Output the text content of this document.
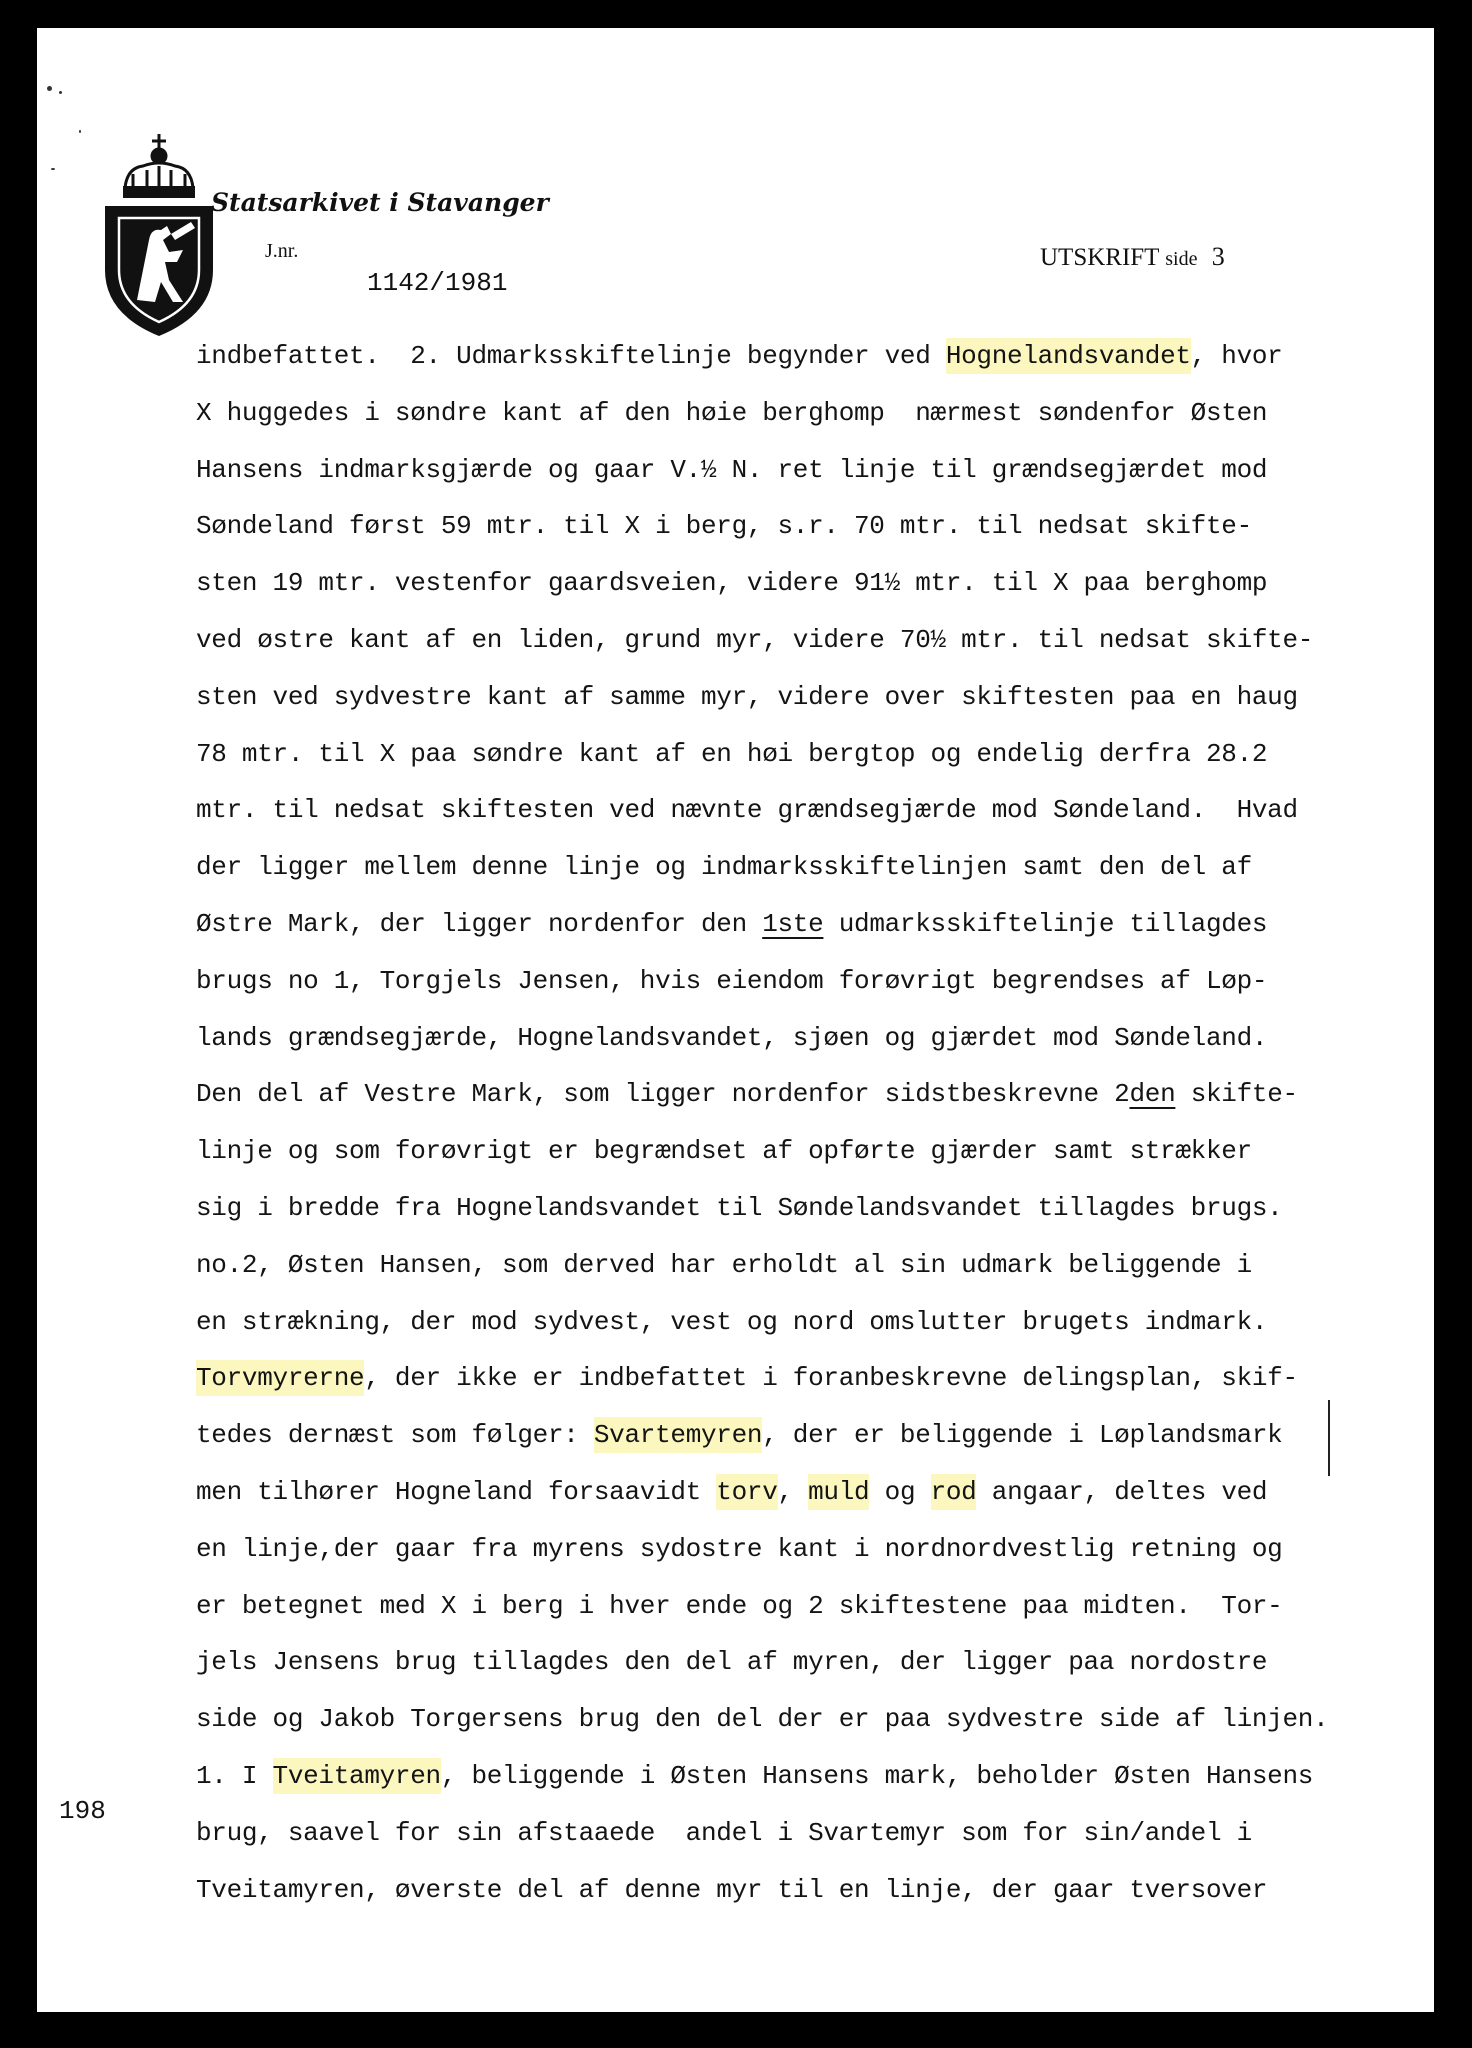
Statsarkivet i Stavanger
J.nr.
1142/1981
UTSKRIFT side 3
indbefattet.  2. Udmarksskiftelinje begynder ved Hognelandsvandet, hvor
X huggedes i søndre kant af den høie berghomp  nærmest søndenfor Østen
Hansens indmarksgjærde og gaar V.½ N. ret linje til grændsegjærdet mod
Søndeland først 59 mtr. til X i berg, s.r. 70 mtr. til nedsat skifte-
sten 19 mtr. vestenfor gaardsveien, videre 91½ mtr. til X paa berghomp
ved østre kant af en liden, grund myr, videre 70½ mtr. til nedsat skifte-
sten ved sydvestre kant af samme myr, videre over skiftesten paa en haug
78 mtr. til X paa søndre kant af en høi bergtop og endelig derfra 28.2
mtr. til nedsat skiftesten ved nævnte grændsegjærde mod Søndeland.  Hvad
der ligger mellem denne linje og indmarksskiftelinjen samt den del af
Østre Mark, der ligger nordenfor den 1ste udmarksskiftelinje tillagdes
brugs no 1, Torgjels Jensen, hvis eiendom forøvrigt begrendses af Løp-
lands grændsegjærde, Hognelandsvandet, sjøen og gjærdet mod Søndeland.
Den del af Vestre Mark, som ligger nordenfor sidstbeskrevne 2den skifte-
linje og som forøvrigt er begrændset af opførte gjærder samt strækker
sig i bredde fra Hognelandsvandet til Søndelandsvandet tillagdes brugs.
no.2, Østen Hansen, som derved har erholdt al sin udmark beliggende i
en strækning, der mod sydvest, vest og nord omslutter brugets indmark.
Torvmyrerne, der ikke er indbefattet i foranbeskrevne delingsplan, skif-
tedes dernæst som følger: Svartemyren, der er beliggende i Løplandsmark
men tilhører Hogneland forsaavidt torv, muld og rod angaar, deltes ved
en linje,der gaar fra myrens sydostre kant i nordnordvestlig retning og
er betegnet med X i berg i hver ende og 2 skiftestene paa midten.  Tor-
jels Jensens brug tillagdes den del af myren, der ligger paa nordostre
side og Jakob Torgersens brug den del der er paa sydvestre side af linjen.
1. I Tveitamyren, beliggende i Østen Hansens mark, beholder Østen Hansens
brug, saavel for sin afstaaede  andel i Svartemyr som for sin/andel i
Tveitamyren, øverste del af denne myr til en linje, der gaar tversover
198
